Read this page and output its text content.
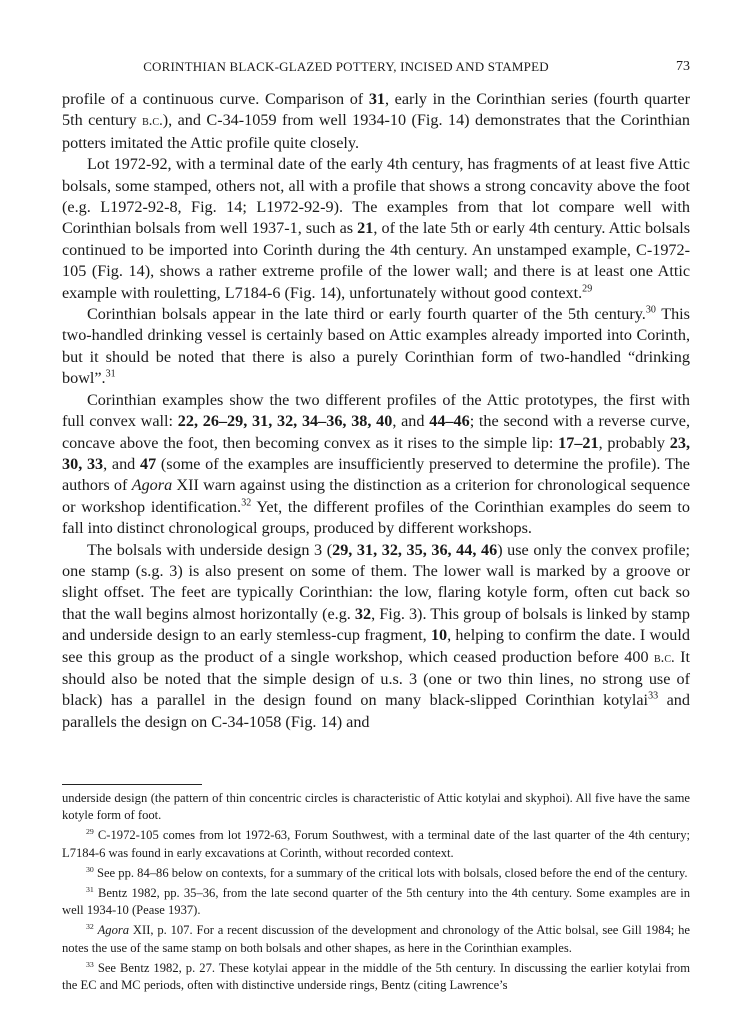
CORINTHIAN BLACK-GLAZED POTTERY, INCISED AND STAMPED	73

profile of a continuous curve. Comparison of 31, early in the Corinthian series (fourth quarter 5th century b.c.), and C-34-1059 from well 1934-10 (Fig. 14) demonstrates that the Corinthian potters imitated the Attic profile quite closely.

Lot 1972-92, with a terminal date of the early 4th century, has fragments of at least five Attic bolsals, some stamped, others not, all with a profile that shows a strong concavity above the foot (e.g. L1972-92-8, Fig. 14; L1972-92-9). The examples from that lot compare well with Corinthian bolsals from well 1937-1, such as 21, of the late 5th or early 4th century. Attic bolsals continued to be imported into Corinth during the 4th century. An unstamped example, C-1972-105 (Fig. 14), shows a rather extreme profile of the lower wall; and there is at least one Attic example with rouletting, L7184-6 (Fig. 14), unfortunately without good context.$^{29}$

Corinthian bolsals appear in the late third or early fourth quarter of the 5th century.$^{30}$ This two-handled drinking vessel is certainly based on Attic examples already imported into Corinth, but it should be noted that there is also a purely Corinthian form of two-handled “drinking bowl”.$^{31}$

Corinthian examples show the two different profiles of the Attic prototypes, the first with full convex wall: 22, 26–29, 31, 32, 34–36, 38, 40, and 44–46; the second with a reverse curve, concave above the foot, then becoming convex as it rises to the simple lip: 17–21, probably 23, 30, 33, and 47 (some of the examples are insufficiently preserved to determine the profile). The authors of Agora XII warn against using the distinction as a criterion for chronological sequence or workshop identification.$^{32}$ Yet, the different profiles of the Corinthian examples do seem to fall into distinct chronological groups, produced by different workshops.

The bolsals with underside design 3 (29, 31, 32, 35, 36, 44, 46) use only the convex profile; one stamp (s.g. 3) is also present on some of them. The lower wall is marked by a groove or slight offset. The feet are typically Corinthian: the low, flaring kotyle form, often cut back so that the wall begins almost horizontally (e.g. 32, Fig. 3). This group of bolsals is linked by stamp and underside design to an early stemless-cup fragment, 10, helping to confirm the date. I would see this group as the product of a single workshop, which ceased production before 400 b.c. It should also be noted that the simple design of u.s. 3 (one or two thin lines, no strong use of black) has a parallel in the design found on many black-slipped Corinthian kotylai$^{33}$ and parallels the design on C-34-1058 (Fig. 14) and

underside design (the pattern of thin concentric circles is characteristic of Attic kotylai and skyphoi). All five have the same kotyle form of foot.

$^{29}$ C-1972-105 comes from lot 1972-63, Forum Southwest, with a terminal date of the last quarter of the 4th century; L7184-6 was found in early excavations at Corinth, without recorded context.

$^{30}$ See pp. 84–86 below on contexts, for a summary of the critical lots with bolsals, closed before the end of the century.

$^{31}$ Bentz 1982, pp. 35–36, from the late second quarter of the 5th century into the 4th century. Some examples are in well 1934-10 (Pease 1937).

$^{32}$ Agora XII, p. 107. For a recent discussion of the development and chronology of the Attic bolsal, see Gill 1984; he notes the use of the same stamp on both bolsals and other shapes, as here in the Corinthian examples.

$^{33}$ See Bentz 1982, p. 27. These kotylai appear in the middle of the 5th century. In discussing the earlier kotylai from the EC and MC periods, often with distinctive underside rings, Bentz (citing Lawrence’s
